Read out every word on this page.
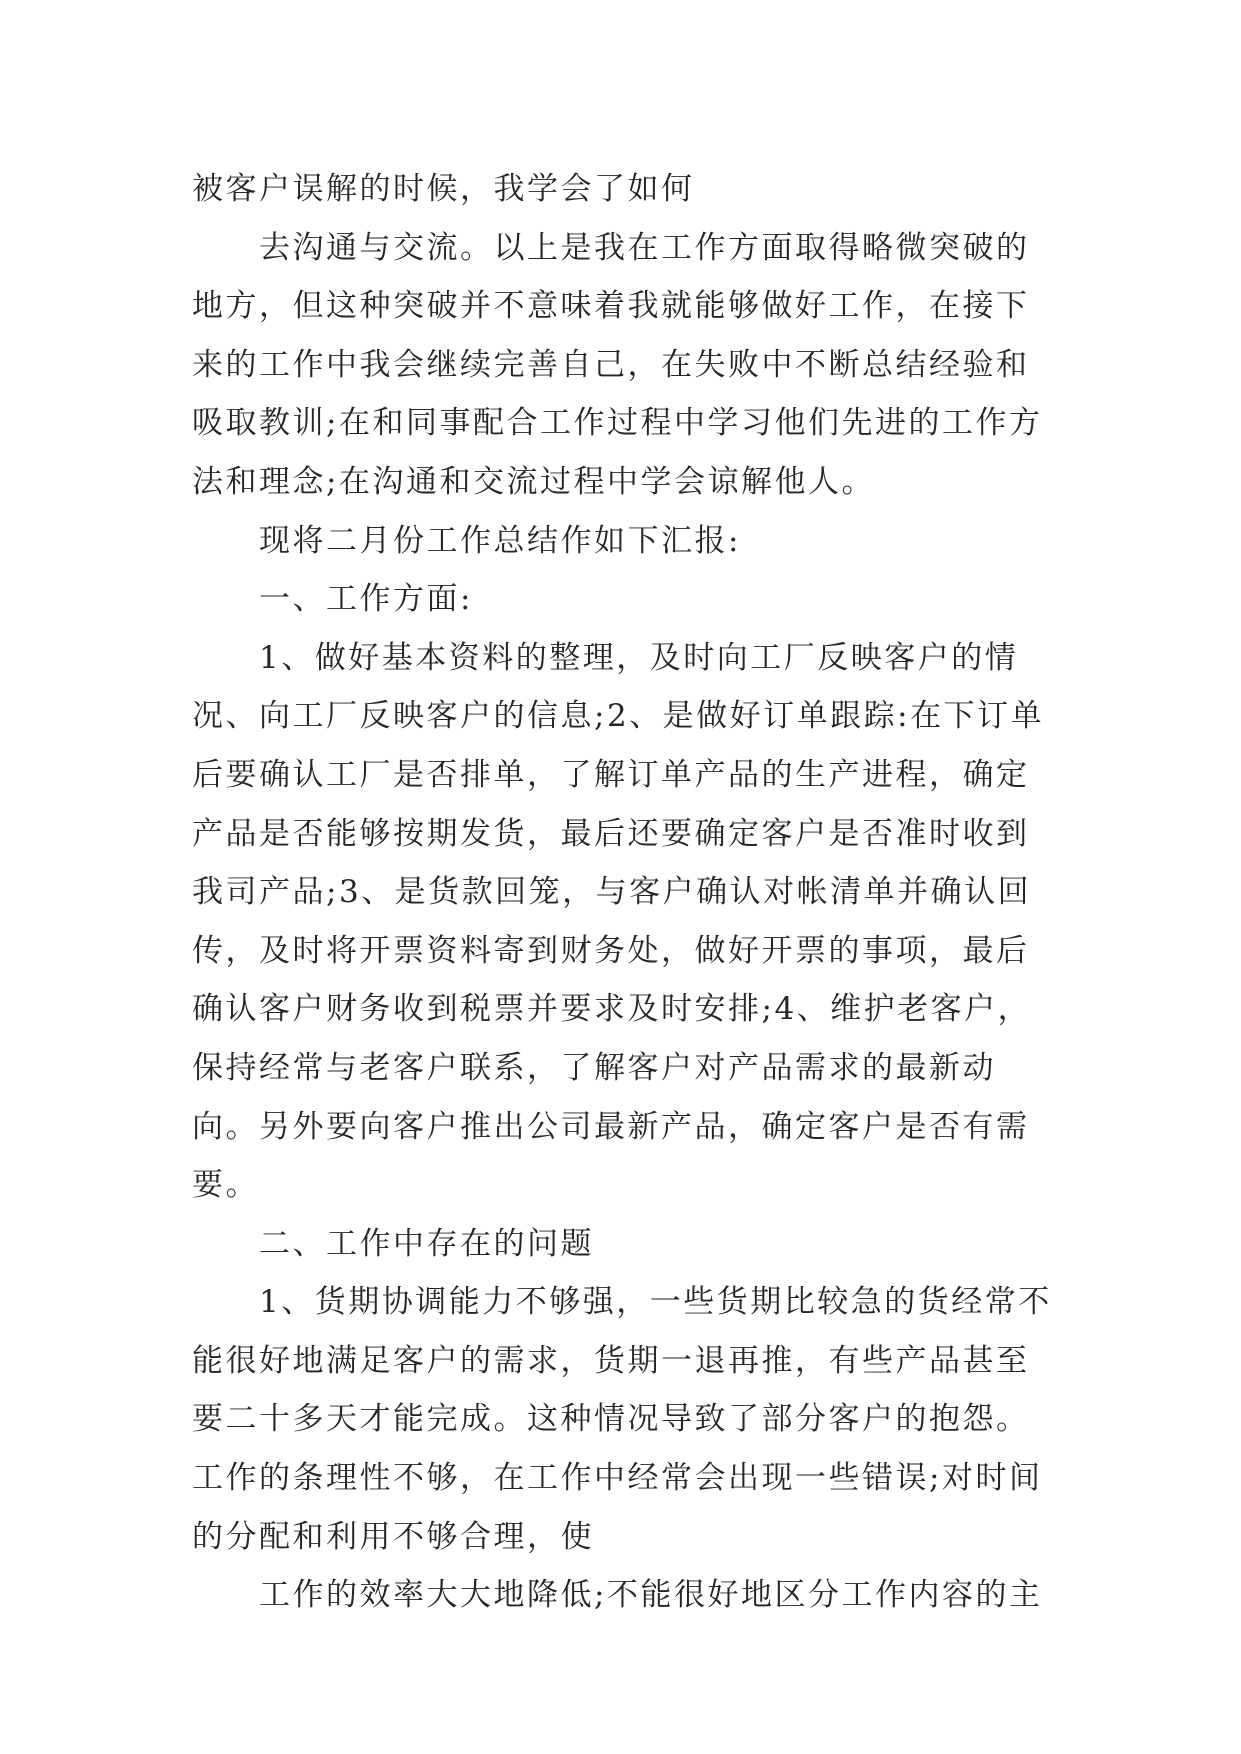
被客户误解的时候，我学会了如何

　　去沟通与交流。以上是我在工作方面取得略微突破的地方，但这种突破并不意味着我就能够做好工作，在接下来的工作中我会继续完善自己，在失败中不断总结经验和吸取教训;在和同事配合工作过程中学习他们先进的工作方法和理念;在沟通和交流过程中学会谅解他人。

　　现将二月份工作总结作如下汇报:

　　一、工作方面:

　　1、做好基本资料的整理，及时向工厂反映客户的情况、向工厂反映客户的信息;2、是做好订单跟踪:在下订单后要确认工厂是否排单，了解订单产品的生产进程，确定产品是否能够按期发货，最后还要确定客户是否准时收到我司产品;3、是货款回笼，与客户确认对帐清单并确认回传，及时将开票资料寄到财务处，做好开票的事项，最后确认客户财务收到税票并要求及时安排;4、维护老客户，保持经常与老客户联系，了解客户对产品需求的最新动向。另外要向客户推出公司最新产品，确定客户是否有需要。

　　二、工作中存在的问题

　　1、货期协调能力不够强，一些货期比较急的货经常不能很好地满足客户的需求，货期一退再推，有些产品甚至要二十多天才能完成。这种情况导致了部分客户的抱怨。工作的条理性不够，在工作中经常会出现一些错误;对时间的分配和利用不够合理，使

　　工作的效率大大地降低;不能很好地区分工作内容的主
